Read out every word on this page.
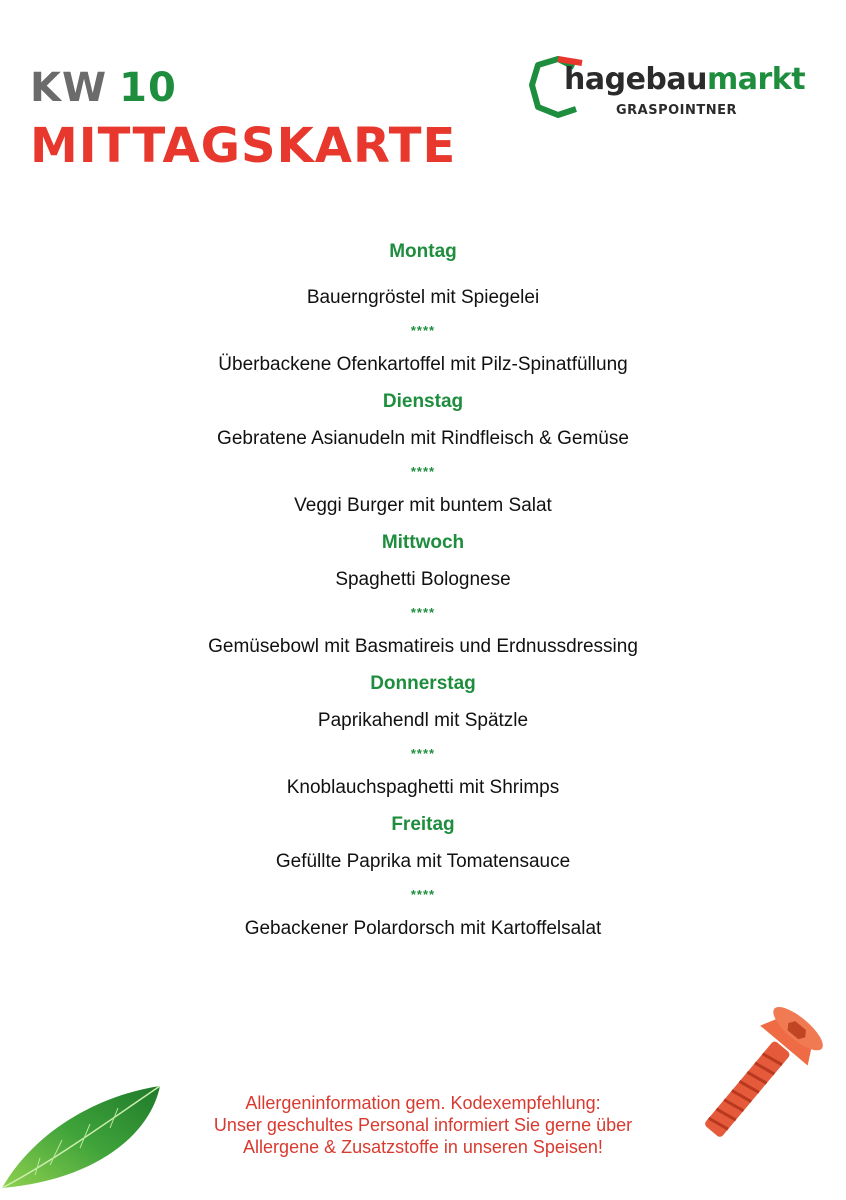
KW 10
MITTAGSKARTE
hagebaumarkt
GRASPOINTNER
Montag
Bauerngröstel mit Spiegelei
****
Überbackene Ofenkartoffel mit Pilz-Spinatfüllung
Dienstag
Gebratene Asianudeln mit Rindfleisch & Gemüse
****
Veggi Burger mit buntem Salat
Mittwoch
Spaghetti Bolognese
****
Gemüsebowl mit Basmatireis und Erdnussdressing
Donnerstag
Paprikahendl mit Spätzle
****
Knoblauchspaghetti mit Shrimps
Freitag
Gefüllte Paprika mit Tomatensauce
****
Gebackener Polardorsch mit Kartoffelsalat
Allergeninformation gem. Kodexempfehlung:
Unser geschultes Personal informiert Sie gerne über
Allergene & Zusatzstoffe in unseren Speisen!
